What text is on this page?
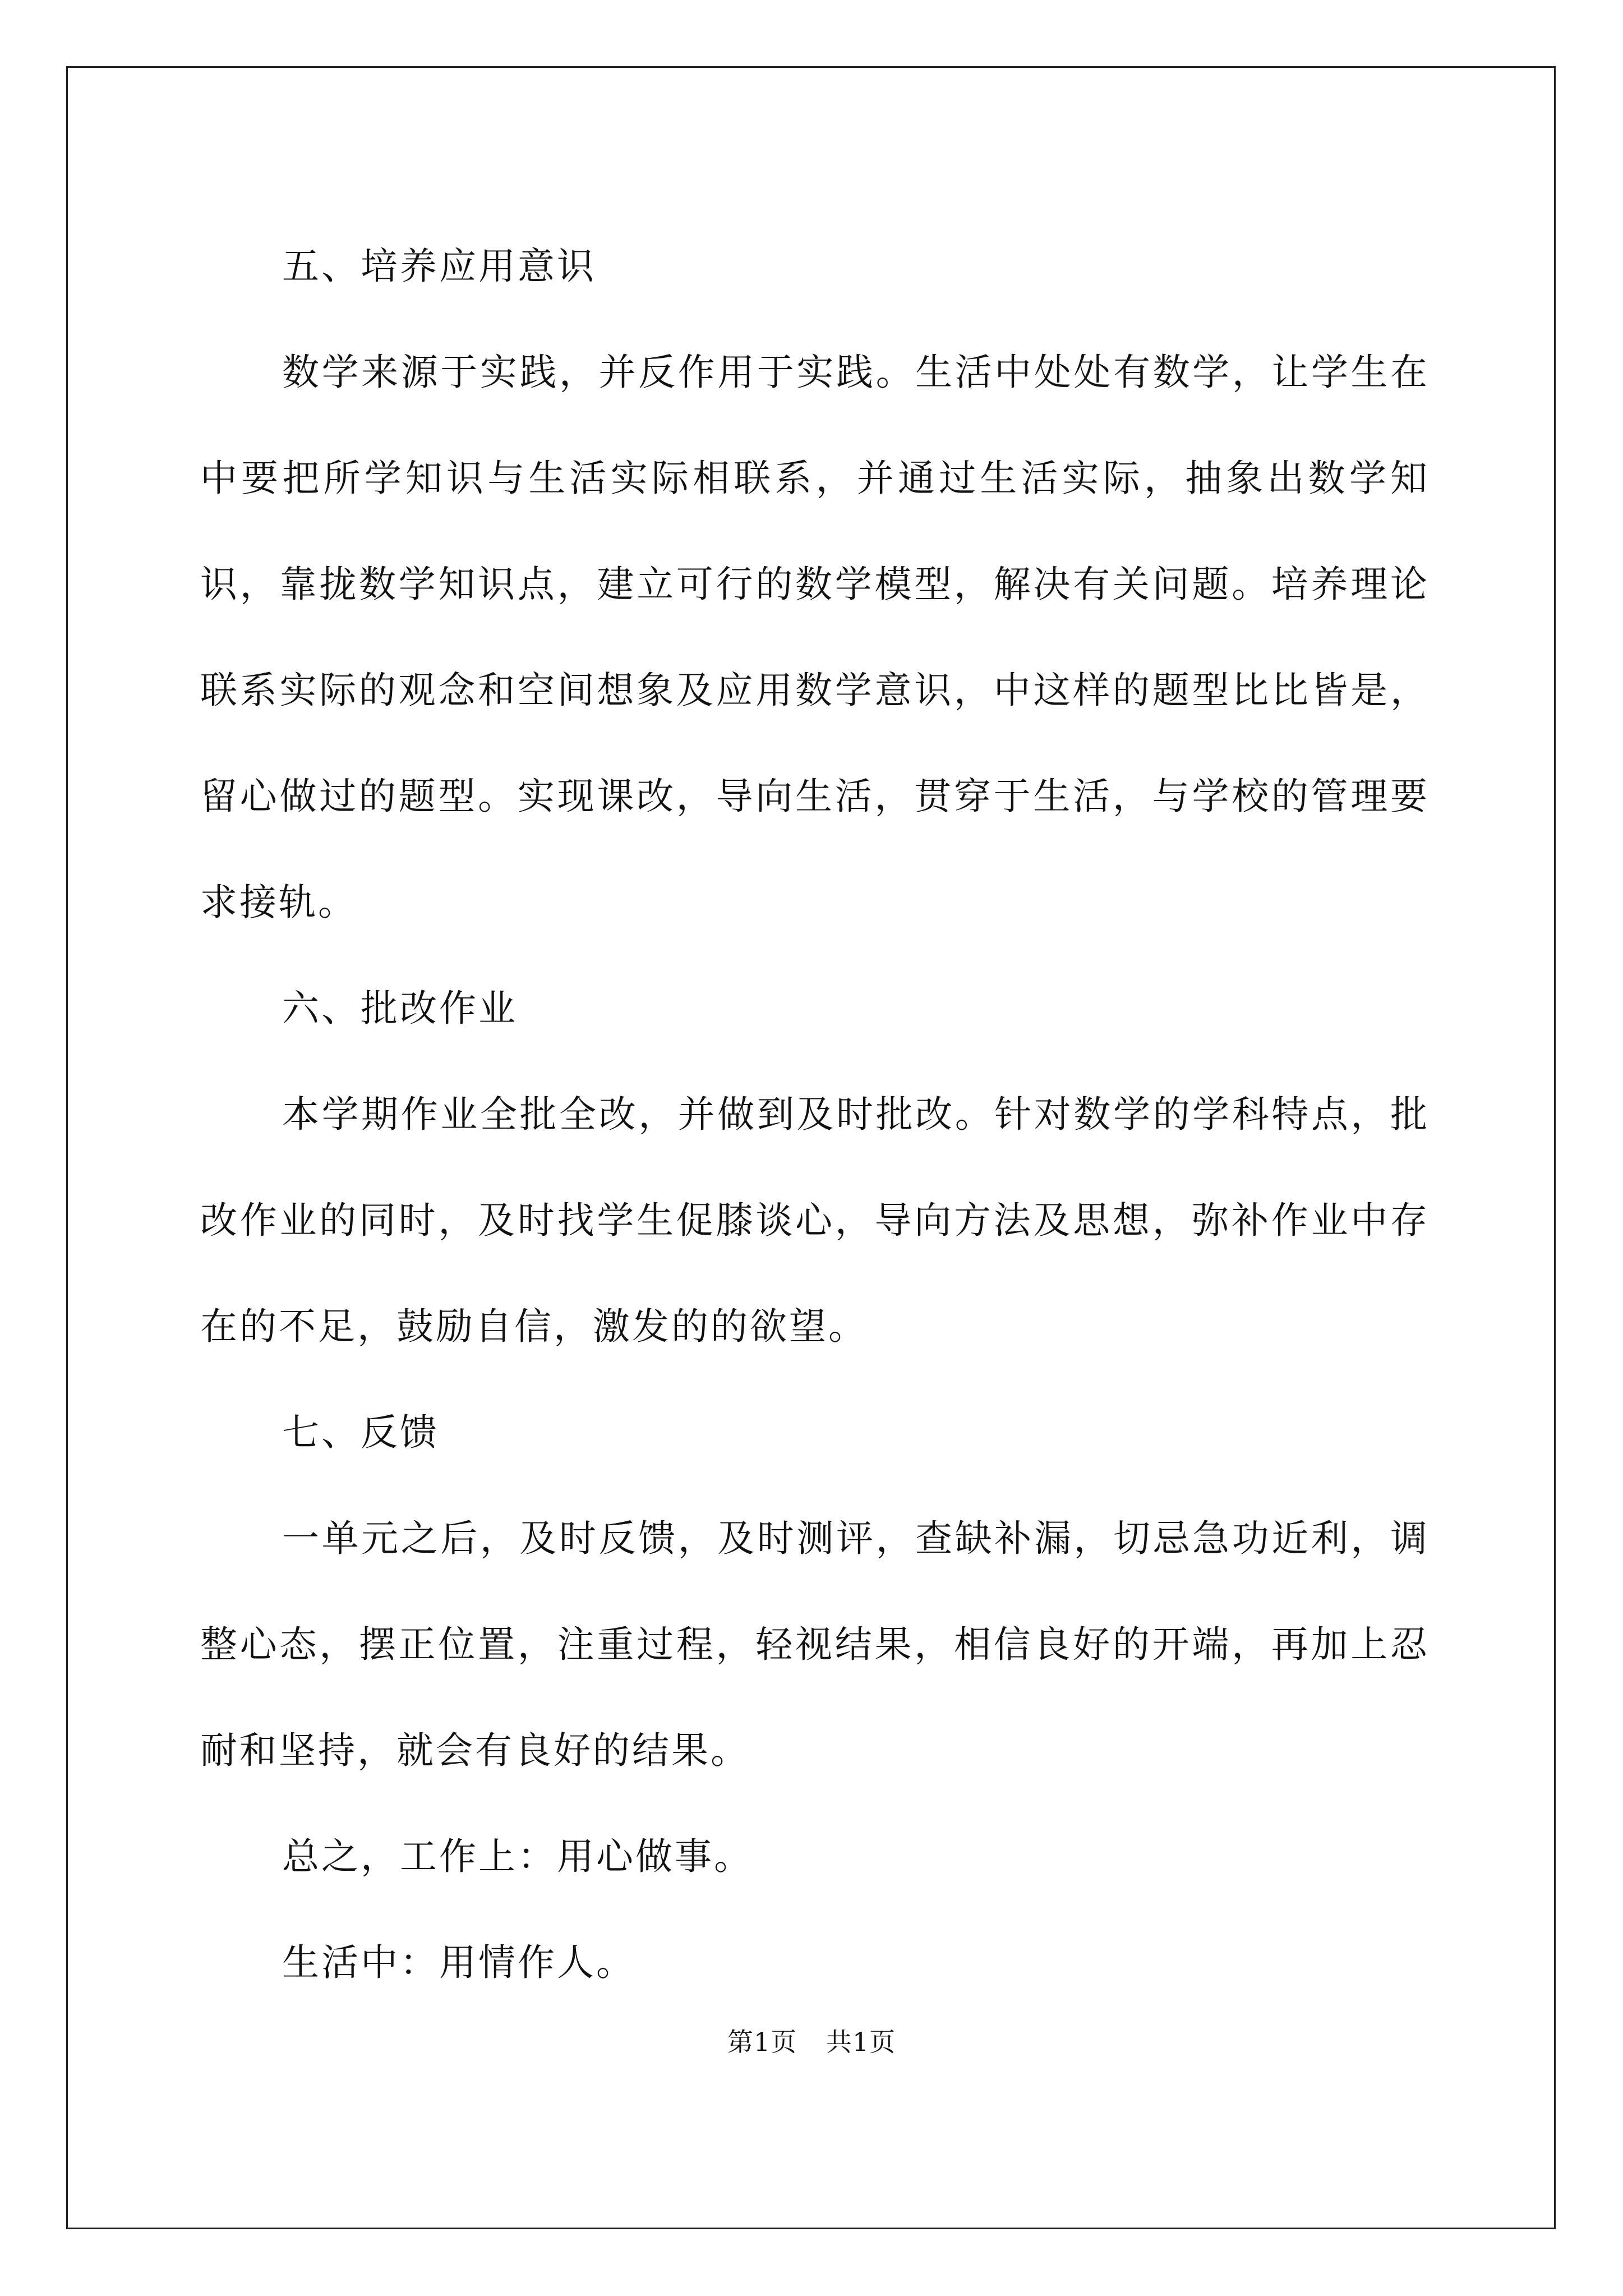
五、培养应用意识

数学来源于实践，并反作用于实践。生活中处处有数学，让学生在中要把所学知识与生活实际相联系，并通过生活实际，抽象出数学知识，靠拢数学知识点，建立可行的数学模型，解决有关问题。培养理论联系实际的观念和空间想象及应用数学意识，中这样的题型比比皆是，留心做过的题型。实现课改，导向生活，贯穿于生活，与学校的管理要求接轨。

六、批改作业

本学期作业全批全改，并做到及时批改。针对数学的学科特点，批改作业的同时，及时找学生促膝谈心，导向方法及思想，弥补作业中存在的不足，鼓励自信，激发的的欲望。

七、反馈

一单元之后，及时反馈，及时测评，查缺补漏，切忌急功近利，调整心态，摆正位置，注重过程，轻视结果，相信良好的开端，再加上忍耐和坚持，就会有良好的结果。

总之，工作上：用心做事。

生活中：用情作人。

第1页 共1页
